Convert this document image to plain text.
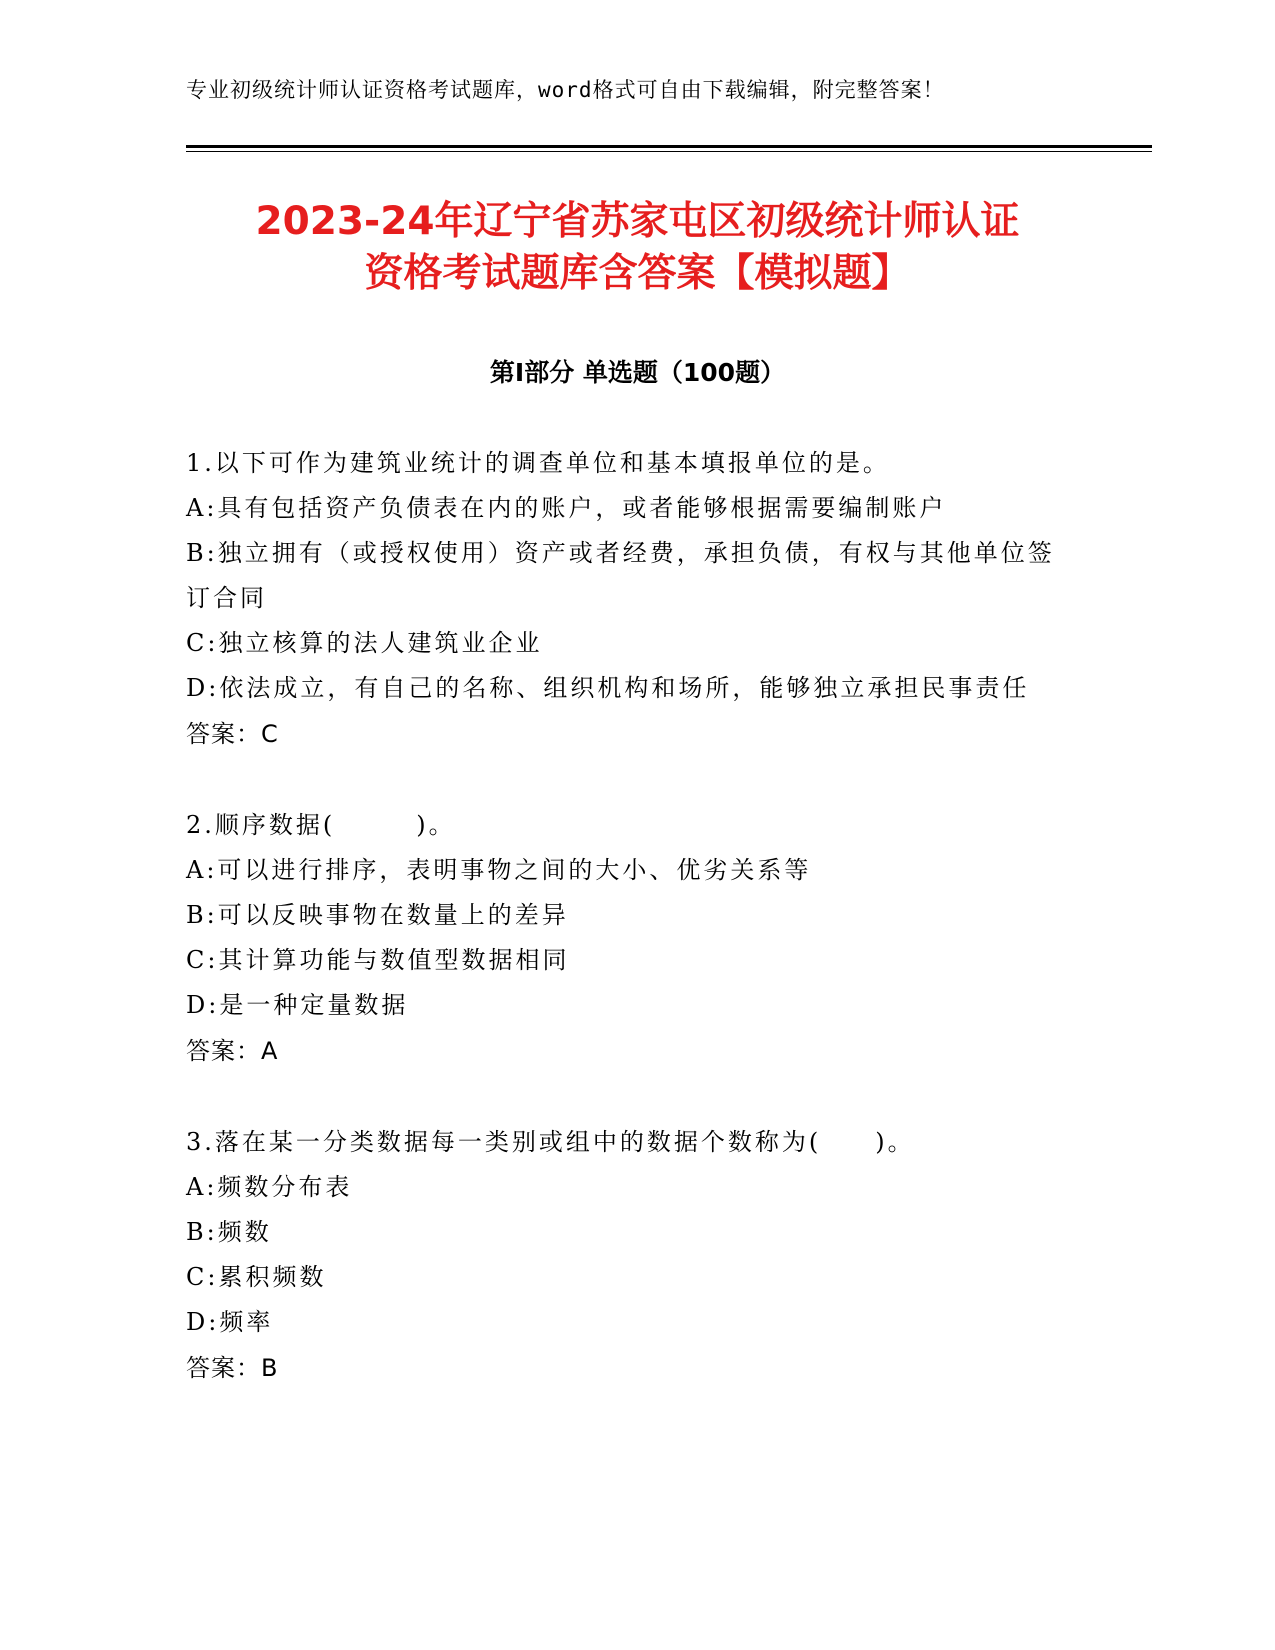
专业初级统计师认证资格考试题库，word格式可自由下载编辑，附完整答案！
2023-24年辽宁省苏家屯区初级统计师认证
资格考试题库含答案【模拟题】
第Ⅰ部分 单选题（100题）
1.以下可作为建筑业统计的调查单位和基本填报单位的是。
A:具有包括资产负债表在内的账户，或者能够根据需要编制账户
B:独立拥有（或授权使用）资产或者经费，承担负债，有权与其他单位签订合同
C:独立核算的法人建筑业企业
D:依法成立，有自己的名称、组织机构和场所，能够独立承担民事责任
答案：C
2.顺序数据(　　　)。
A:可以进行排序，表明事物之间的大小、优劣关系等
B:可以反映事物在数量上的差异
C:其计算功能与数值型数据相同
D:是一种定量数据
答案：A
3.落在某一分类数据每一类别或组中的数据个数称为(　　)。
A:频数分布表
B:频数
C:累积频数
D:频率
答案：B
